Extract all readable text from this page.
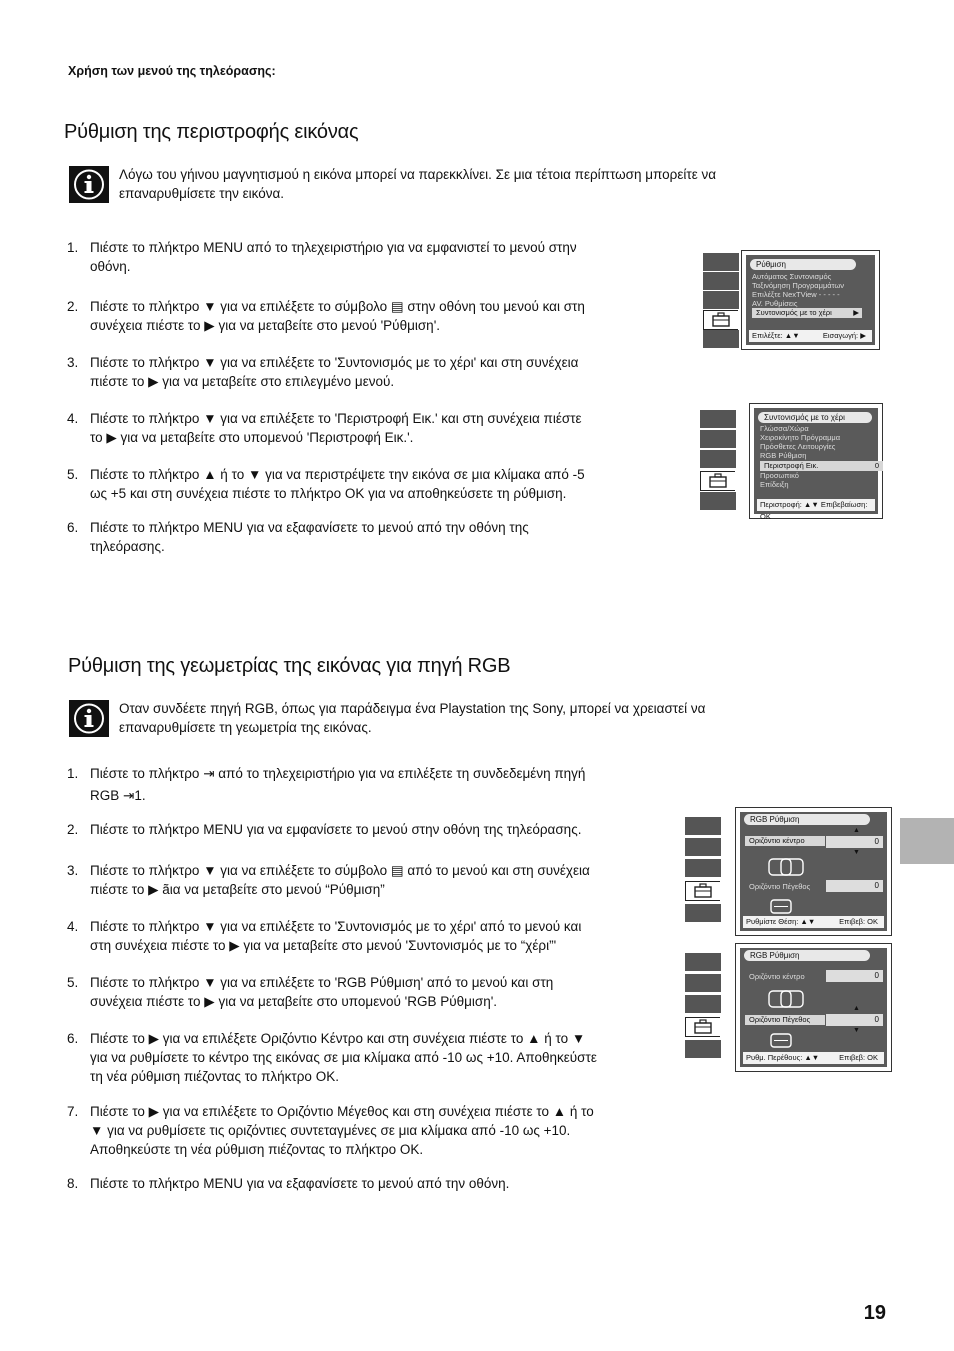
Χρήση των μενού της τηλεόρασης:
Ρύθμιση της περιστροφής εικόνας
Λόγω του γήινου μαγνητισμού η εικόνα μπορεί να παρεκκλίνει. Σε μια τέτοια περίπτωση μπορείτε να
επαναρυθμίσετε την εικόνα.
1. Πιέστε το πλήκτρο MENU από το τηλεχειριστήριο για να εμφανιστεί το μενού στην
οθόνη.
2. Πιέστε το πλήκτρο ▼ για να επιλέξετε το σύμβολο ▤ στην οθόνη του μενού και στη
συνέχεια πιέστε το ▶ για να μεταβείτε στο μενού 'Ρύθμιση'.
3. Πιέστε το πλήκτρο ▼ για να επιλέξετε το 'Συντονισμός με το χέρι' και στη συνέχεια
πιέστε το ▶ για να μεταβείτε στο επιλεγμένο μενού.
4. Πιέστε το πλήκτρο ▼ για να επιλέξετε το 'Περιστροφή Εικ.' και στη συνέχεια πιέστε
το ▶ για να μεταβείτε στο υπομενού 'Περιστροφή Εικ.'.
5. Πιέστε το πλήκτρο ▲ ή το ▼ για να περιστρέψετε την εικόνα σε μια κλίμακα από -5
ως +5 και στη συνέχεια πιέστε το πλήκτρο OK για να αποθηκεύσετε τη ρύθμιση.
6. Πιέστε το πλήκτρο MENU για να εξαφανίσετε το μενού από την οθόνη της
τηλεόρασης.
Ρύθμιση
Αυτόματος Συντονισμός
Ταξινόμηση Προγραμμάτων
Επιλέξτε NexTView - - - - -
AV. Ρυθμίσεις
Συντονισμός με το χέρι	▶
Επιλέξτε: ▲▼	Εισαγωγή: ▶
Συντονισμός με το χέρι
Γλώσσα/Χώρα
Χειροκίνητο Πρόγραμμα
Πρόσθετες Λειτουργίες
RGB Ρύθμιση
Περιστροφή Εικ.	0
Προσωπικό
Επίδειξη
Περιστροφή: ▲▼ Επιβεβαίωση: OK
Ρύθμιση της γεωμετρίας της εικόνας για πηγή RGB
Οταν συνδέετε πηγή RGB, όπως για παράδειγμα ένα Playstation της Sony, μπορεί να χρειαστεί να
επαναρυθμίσετε τη γεωμετρία της εικόνας.
1. Πιέστε το πλήκτρο ⇥ από το τηλεχειριστήριο για να επιλέξετε τη συνδεδεμένη πηγή
RGB ⇥1.
2. Πιέστε το πλήκτρο MENU για να εμφανίσετε το μενού στην οθόνη της τηλεόρασης.
3. Πιέστε το πλήκτρο ▼ για να επιλέξετε το σύμβολο ▤ από το μενού και στη συνέχεια
πιέστε το ▶ ãια να μεταβείτε στο μενού “Ρύθμιση”
4. Πιέστε το πλήκτρο ▼ για να επιλέξετε το 'Συντονισμός με το χέρι' από το μενού και
στη συνέχεια πιέστε το ▶ για να μεταβείτε στο μενού 'Συντονισμός με το “χέρι”'
5. Πιέστε το πλήκτρο ▼ για να επιλέξετε το 'RGB Ρύθμιση' από το μενού και στη
συνέχεια πιέστε το ▶ για να μεταβείτε στο υπομενού 'RGB Ρύθμιση'.
6. Πιέστε το ▶ για να επιλέξετε Οριζόντιο Κέντρο και στη συνέχεια πιέστε το ▲ ή το ▼
για να ρυθμίσετε το κέντρο της εικόνας σε μια κλίμακα από -10 ως +10. Αποθηκεύστε
τη νέα ρύθμιση πιέζοντας το πλήκτρο OK.
7. Πιέστε το ▶ για να επιλέξετε το Οριζόντιο Μέγεθος και στη συνέχεια πιέστε το ▲ ή το
▼ για να ρυθμίσετε τις οριζόντιες συντεταγμένες σε μια κλίμακα από -10 ως +10.
Αποθηκεύστε τη νέα ρύθμιση πιέζοντας το πλήκτρο OK.
8. Πιέστε το πλήκτρο MENU για να εξαφανίσετε το μενού από την οθόνη.
RGB Ρύθμιση
Οριζόντιο κέντρο	0
▲
▼
Οριζόντιο Πέγεθος	0
Ρυθμίστε Θέση: ▲▼	Επιβεβ: OK
RGB Ρύθμιση
Οριζόντιο κέντρο	0
Οριζόντιο Πέγεθος	0
▲
▼
Ρυθμ. Περέθους: ▲▼	Επιβεβ: OK
19
